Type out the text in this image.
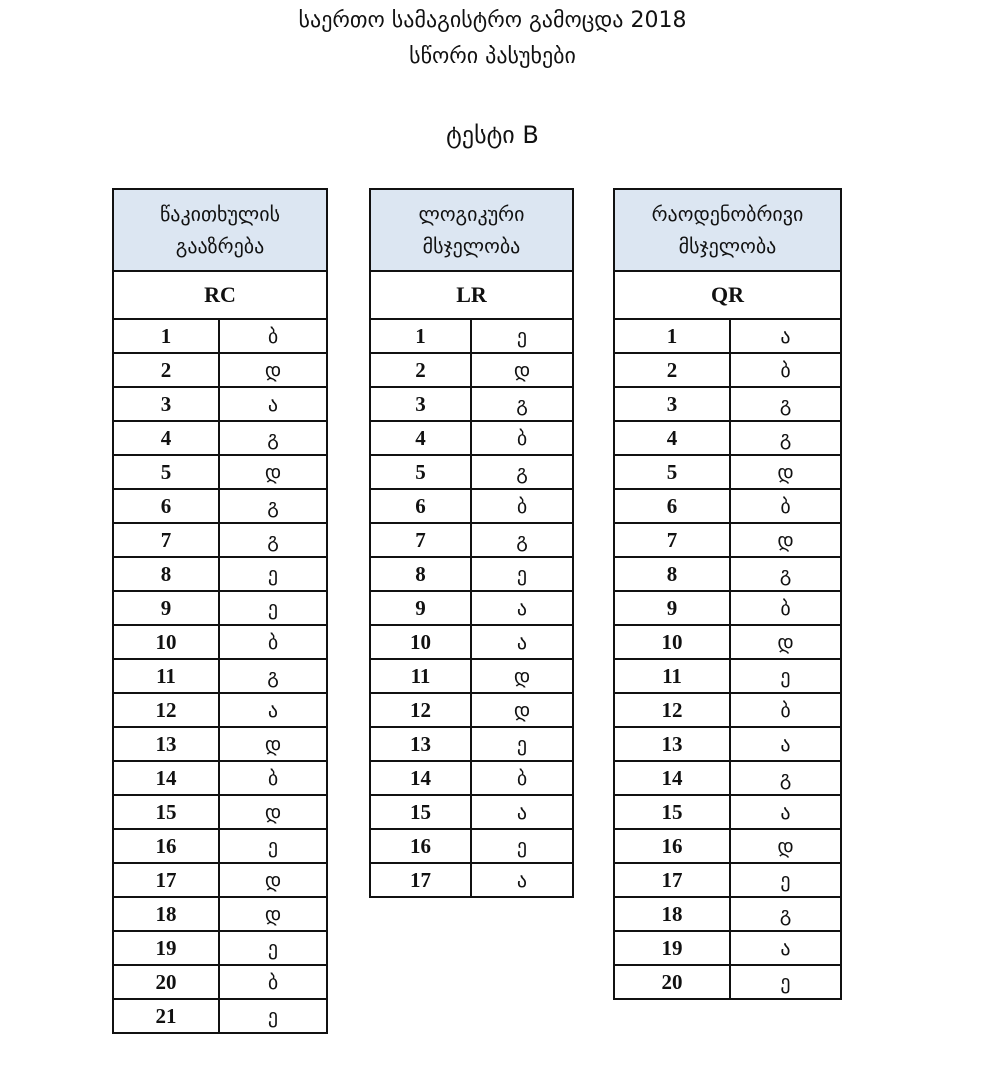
საერთო სამაგისტრო გამოცდა 2018
სწორი პასუხები
ტესტი B
წაკითხულის
გააზრება	

RC	
1	ბ
2	დ
3	ა
4	გ
5	დ
6	გ
7	გ
8	ე
9	ე
10	ბ
11	გ
12	ა
13	დ
14	ბ
15	დ
16	ე
17	დ
18	დ
19	ე
20	ბ
21	ე
ლოგიკური
მსჯელობა	

LR	
1	ე
2	დ
3	გ
4	ბ
5	გ
6	ბ
7	გ
8	ე
9	ა
10	ა
11	დ
12	დ
13	ე
14	ბ
15	ა
16	ე
17	ა
რაოდენობრივი
მსჯელობა	

QR	
1	ა
2	ბ
3	გ
4	გ
5	დ
6	ბ
7	დ
8	გ
9	ბ
10	დ
11	ე
12	ბ
13	ა
14	გ
15	ა
16	დ
17	ე
18	გ
19	ა
20	ე
